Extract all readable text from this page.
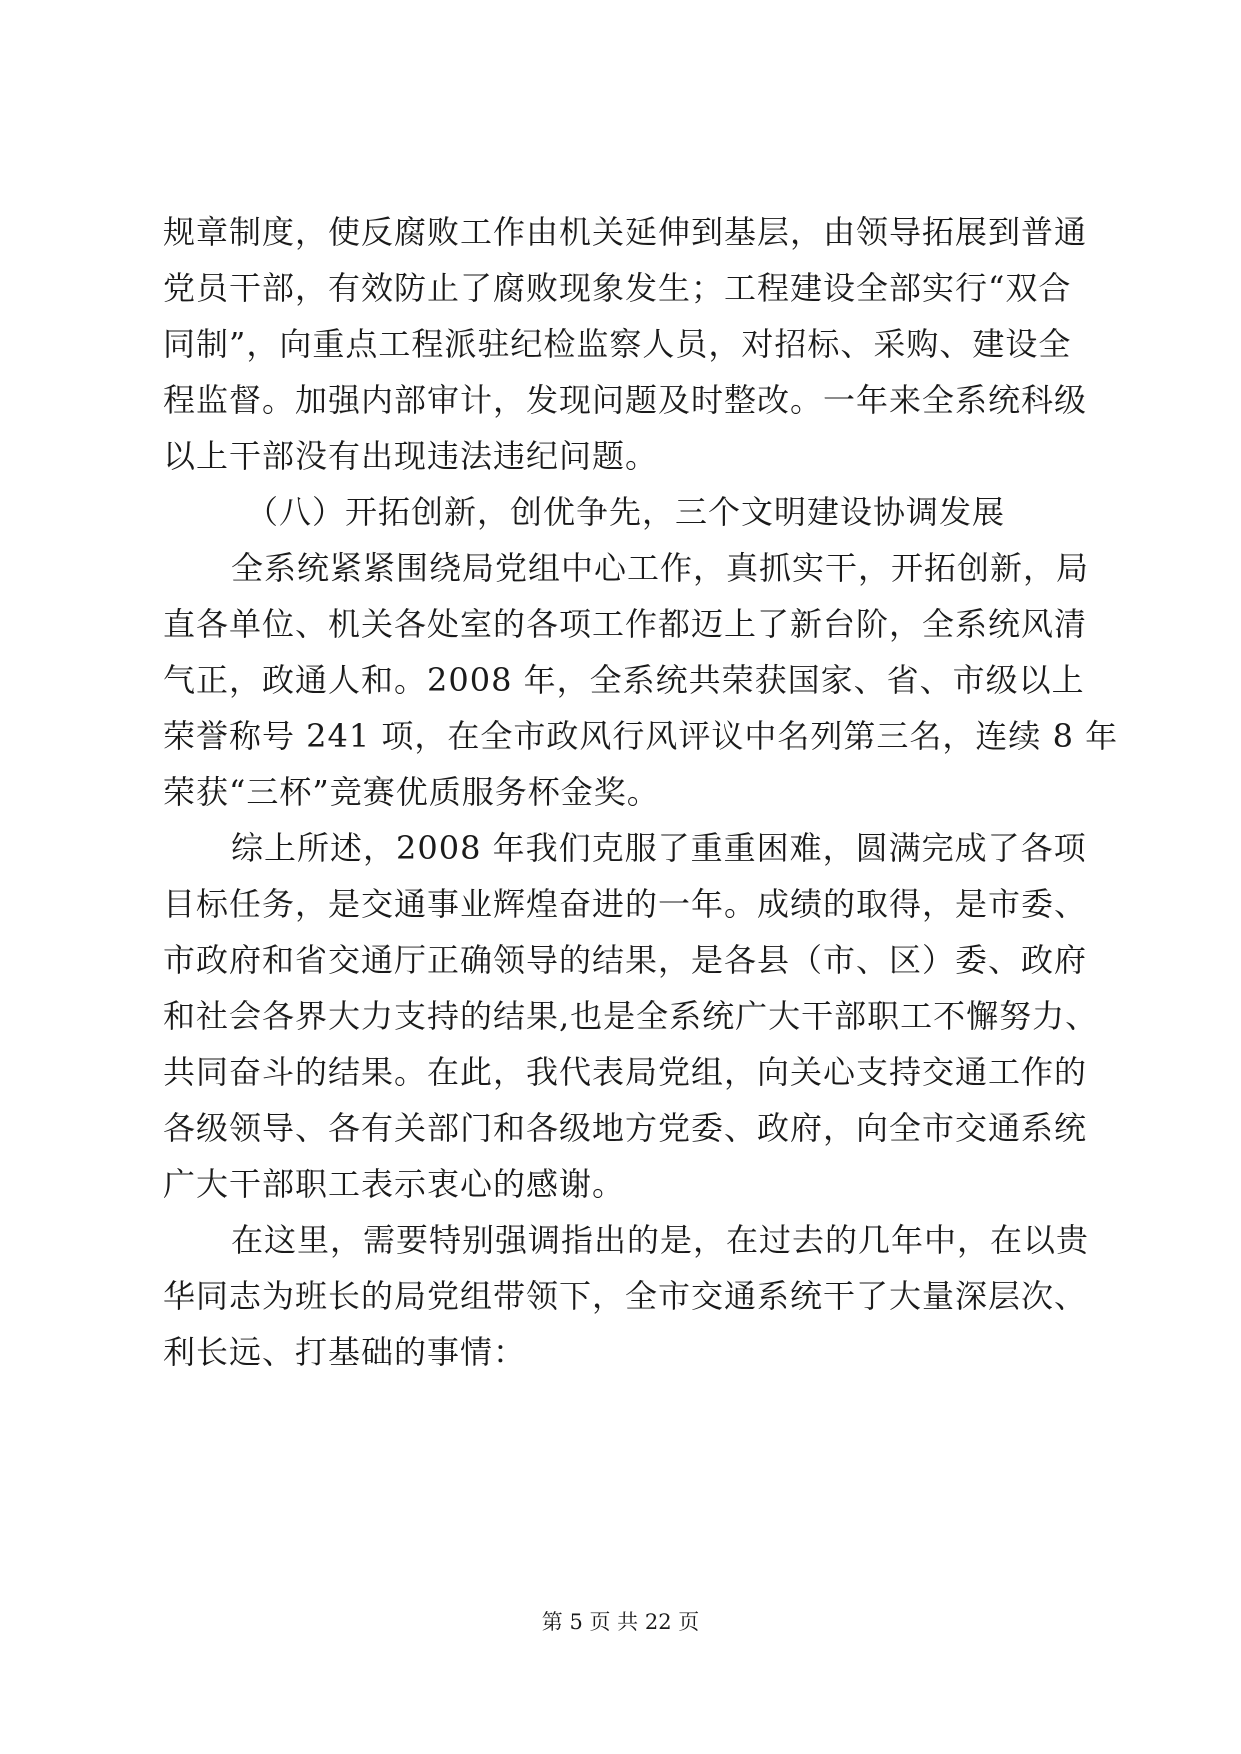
规章制度，使反腐败工作由机关延伸到基层，由领导拓展到普通
党员干部，有效防止了腐败现象发生；工程建设全部实行“双合
同制”，向重点工程派驻纪检监察人员，对招标、采购、建设全
程监督。加强内部审计，发现问题及时整改。一年来全系统科级
以上干部没有出现违法违纪问题。
（八）开拓创新，创优争先，三个文明建设协调发展
全系统紧紧围绕局党组中心工作，真抓实干，开拓创新，局
直各单位、机关各处室的各项工作都迈上了新台阶，全系统风清
气正，政通人和。2008 年，全系统共荣获国家、省、市级以上
荣誉称号 241 项，在全市政风行风评议中名列第三名，连续 8 年
荣获“三杯”竞赛优质服务杯金奖。
综上所述，2008 年我们克服了重重困难，圆满完成了各项
目标任务，是交通事业辉煌奋进的一年。成绩的取得，是市委、
市政府和省交通厅正确领导的结果，是各县（市、区）委、政府
和社会各界大力支持的结果,也是全系统广大干部职工不懈努力、
共同奋斗的结果。在此，我代表局党组，向关心支持交通工作的
各级领导、各有关部门和各级地方党委、政府，向全市交通系统
广大干部职工表示衷心的感谢。
在这里，需要特别强调指出的是，在过去的几年中，在以贵
华同志为班长的局党组带领下，全市交通系统干了大量深层次、
利长远、打基础的事情：
第 5 页 共 22 页
